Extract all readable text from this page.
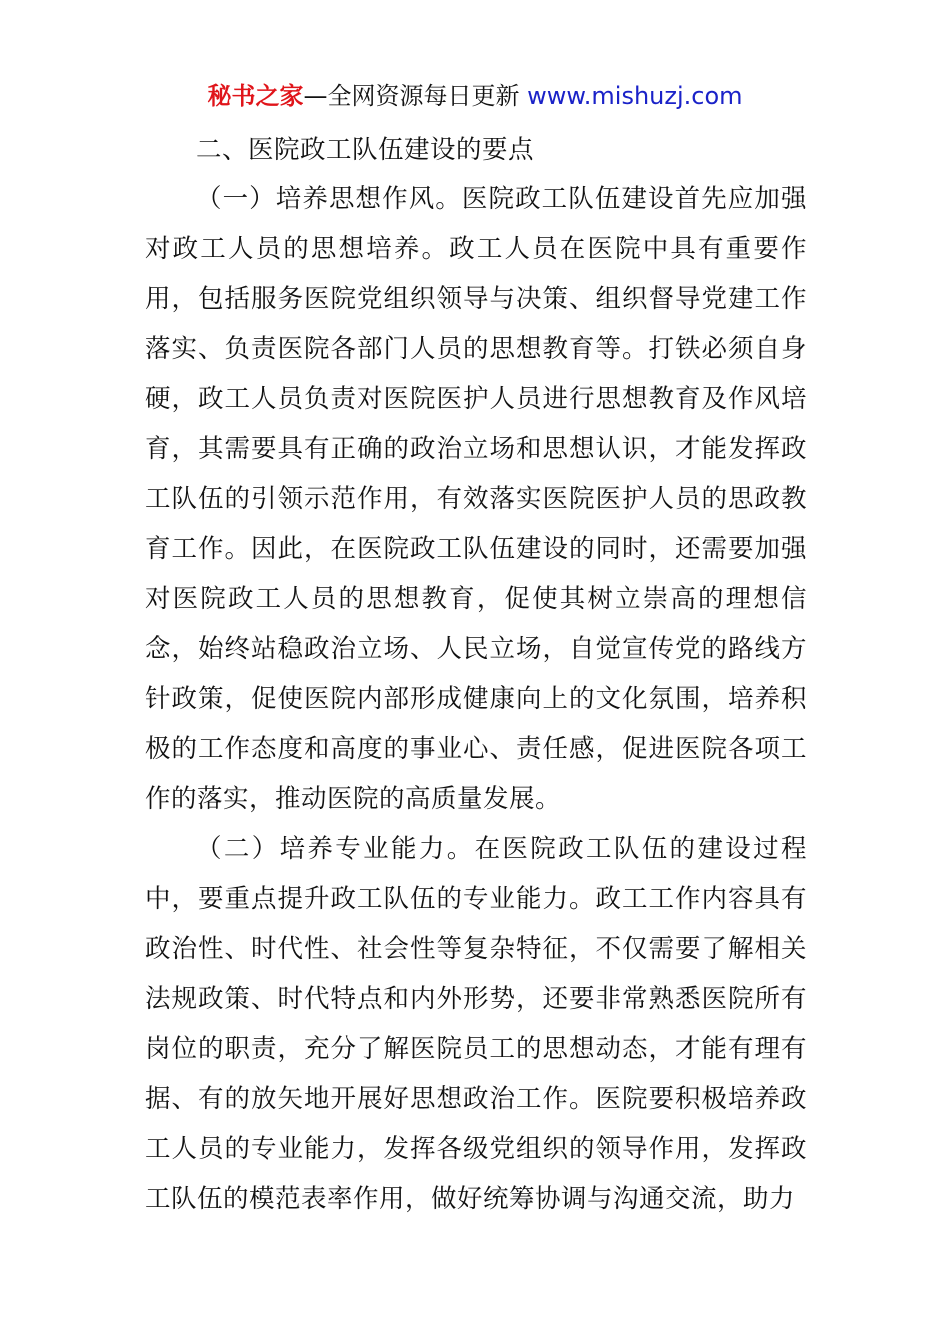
秘书之家—全网资源每日更新 www.mishuzj.com

二、医院政工队伍建设的要点

（一）培养思想作风。医院政工队伍建设首先应加强对政工人员的思想培养。政工人员在医院中具有重要作用，包括服务医院党组织领导与决策、组织督导党建工作落实、负责医院各部门人员的思想教育等。打铁必须自身硬，政工人员负责对医院医护人员进行思想教育及作风培育，其需要具有正确的政治立场和思想认识，才能发挥政工队伍的引领示范作用，有效落实医院医护人员的思政教育工作。因此，在医院政工队伍建设的同时，还需要加强对医院政工人员的思想教育，促使其树立崇高的理想信念，始终站稳政治立场、人民立场，自觉宣传党的路线方针政策，促使医院内部形成健康向上的文化氛围，培养积极的工作态度和高度的事业心、责任感，促进医院各项工作的落实，推动医院的高质量发展。

（二）培养专业能力。在医院政工队伍的建设过程中，要重点提升政工队伍的专业能力。政工工作内容具有政治性、时代性、社会性等复杂特征，不仅需要了解相关法规政策、时代特点和内外形势，还要非常熟悉医院所有岗位的职责，充分了解医院员工的思想动态，才能有理有据、有的放矢地开展好思想政治工作。医院要积极培养政工人员的专业能力，发挥各级党组织的领导作用，发挥政工队伍的模范表率作用，做好统筹协调与沟通交流，助力
